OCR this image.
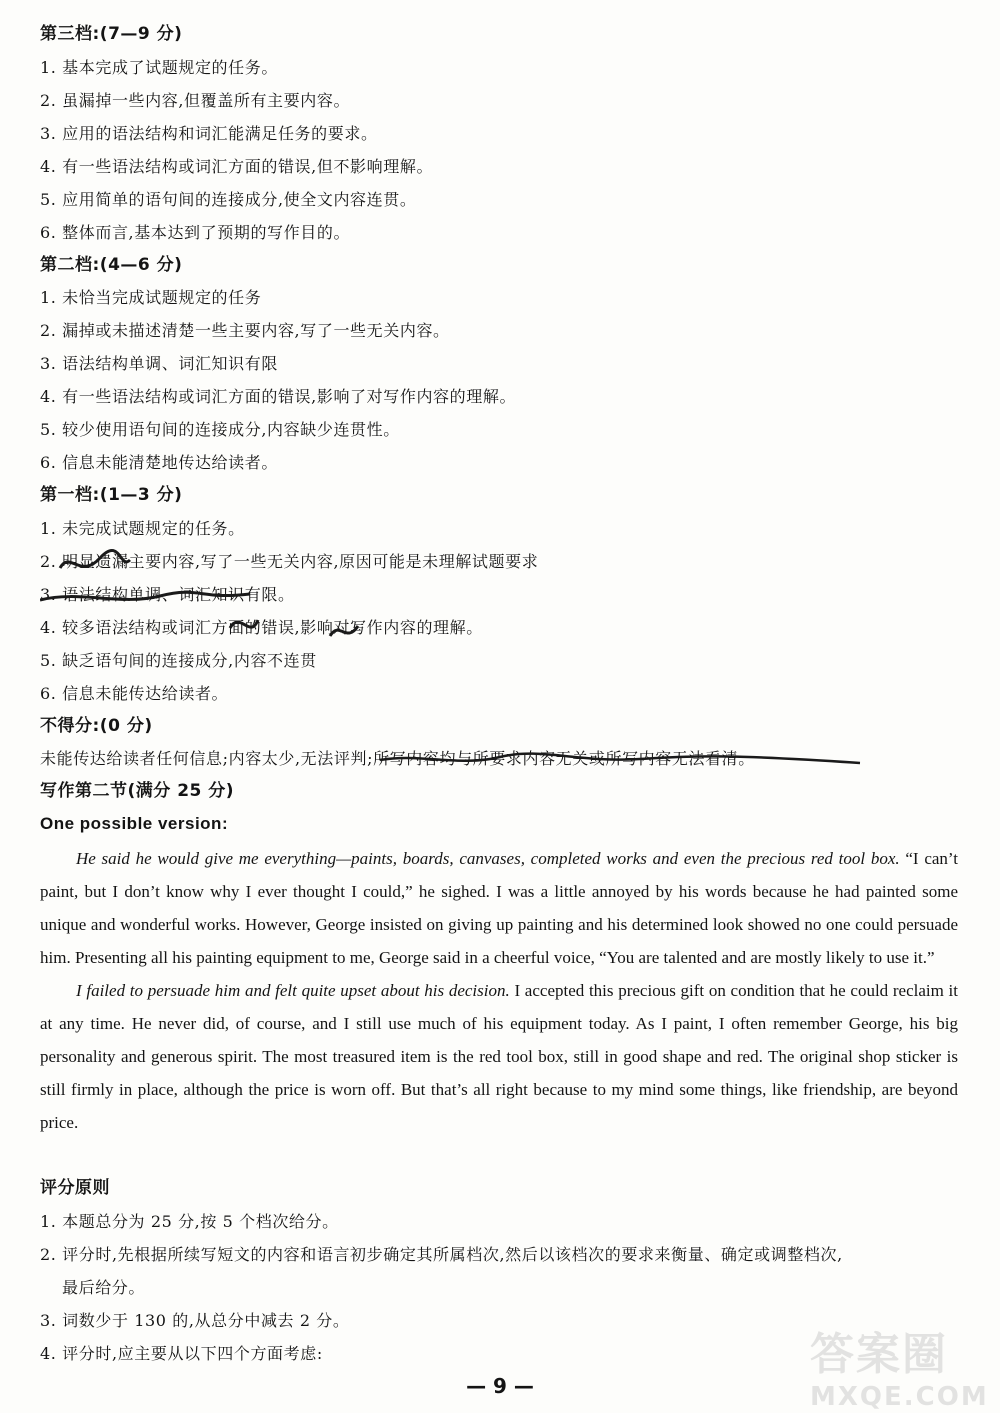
第三档:(7—9 分)
1. 基本完成了试题规定的任务。
2. 虽漏掉一些内容,但覆盖所有主要内容。
3. 应用的语法结构和词汇能满足任务的要求。
4. 有一些语法结构或词汇方面的错误,但不影响理解。
5. 应用简单的语句间的连接成分,使全文内容连贯。
6. 整体而言,基本达到了预期的写作目的。
第二档:(4—6 分)
1. 未恰当完成试题规定的任务
2. 漏掉或未描述清楚一些主要内容,写了一些无关内容。
3. 语法结构单调、词汇知识有限
4. 有一些语法结构或词汇方面的错误,影响了对写作内容的理解。
5. 较少使用语句间的连接成分,内容缺少连贯性。
6. 信息未能清楚地传达给读者。
第一档:(1—3 分)
1. 未完成试题规定的任务。
2. 明显遗漏主要内容,写了一些无关内容,原因可能是未理解试题要求
3. 语法结构单调、词汇知识有限。
4. 较多语法结构或词汇方面的错误,影响对写作内容的理解。
5. 缺乏语句间的连接成分,内容不连贯
6. 信息未能传达给读者。
不得分:(0 分)
未能传达给读者任何信息;内容太少,无法评判;所写内容均与所要求内容无关或所写内容无法看清。
写作第二节(满分 25 分)
One possible version:

He said he would give me everything—paints, boards, canvases, completed works and even the precious red tool box. “I can’t paint, but I don’t know why I ever thought I could,” he sighed. I was a little annoyed by his words because he had painted some unique and wonderful works. However, George insisted on giving up painting and his determined look showed no one could persuade him. Presenting all his painting equipment to me, George said in a cheerful voice, “You are talented and are mostly likely to use it.”

I failed to persuade him and felt quite upset about his decision. I accepted this precious gift on condition that he could reclaim it at any time. He never did, of course, and I still use much of his equipment today. As I paint, I often remember George, his big personality and generous spirit. The most treasured item is the red tool box, still in good shape and red. The original shop sticker is still firmly in place, although the price is worn off. But that’s all right because to my mind some things, like friendship, are beyond price.

评分原则
1. 本题总分为 25 分,按 5 个档次给分。
2. 评分时,先根据所续写短文的内容和语言初步确定其所属档次,然后以该档次的要求来衡量、确定或调整档次,
最后给分。
3. 词数少于 130 的,从总分中减去 2 分。
4. 评分时,应主要从以下四个方面考虑:
— 9 —
答案圈
MXQE.COM
